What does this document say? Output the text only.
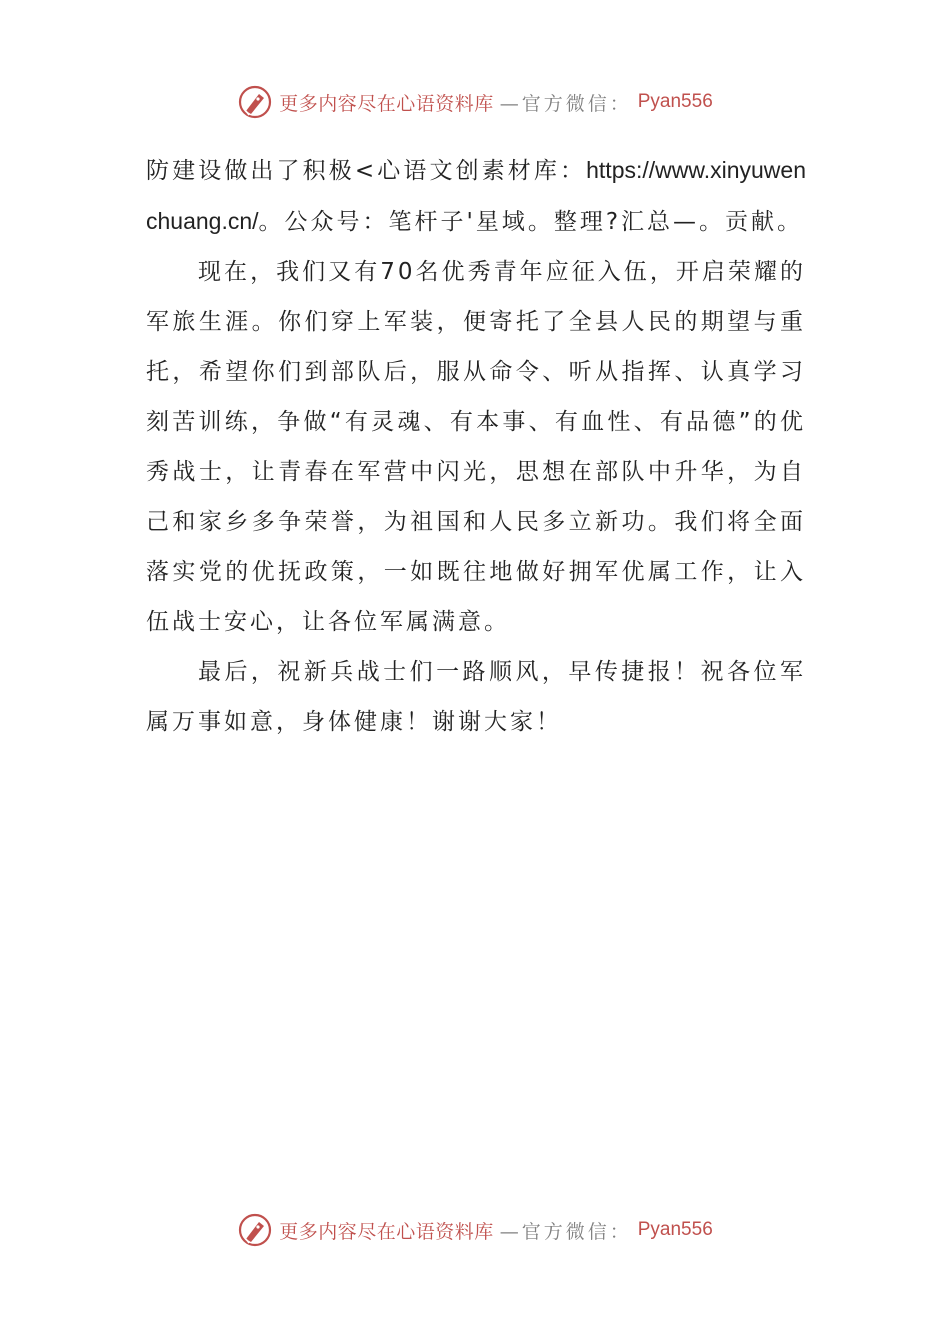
更多内容尽在心语资料库 —官方微信： Pyan556

防建设做出了积极<心语文创素材库：https://www.xinyuwenchuang.cn/。公众号：笔杆子'星域。整理?汇总—。贡献。

现在，我们又有70名优秀青年应征入伍，开启荣耀的军旅生涯。你们穿上军装，便寄托了全县人民的期望与重托，希望你们到部队后，服从命令、听从指挥、认真学习刻苦训练，争做“有灵魂、有本事、有血性、有品德”的优秀战士，让青春在军营中闪光，思想在部队中升华，为自己和家乡多争荣誉，为祖国和人民多立新功。我们将全面落实党的优抚政策，一如既往地做好拥军优属工作，让入伍战士安心，让各位军属满意。

最后，祝新兵战士们一路顺风，早传捷报！祝各位军属万事如意，身体健康！谢谢大家！

更多内容尽在心语资料库 —官方微信： Pyan556
